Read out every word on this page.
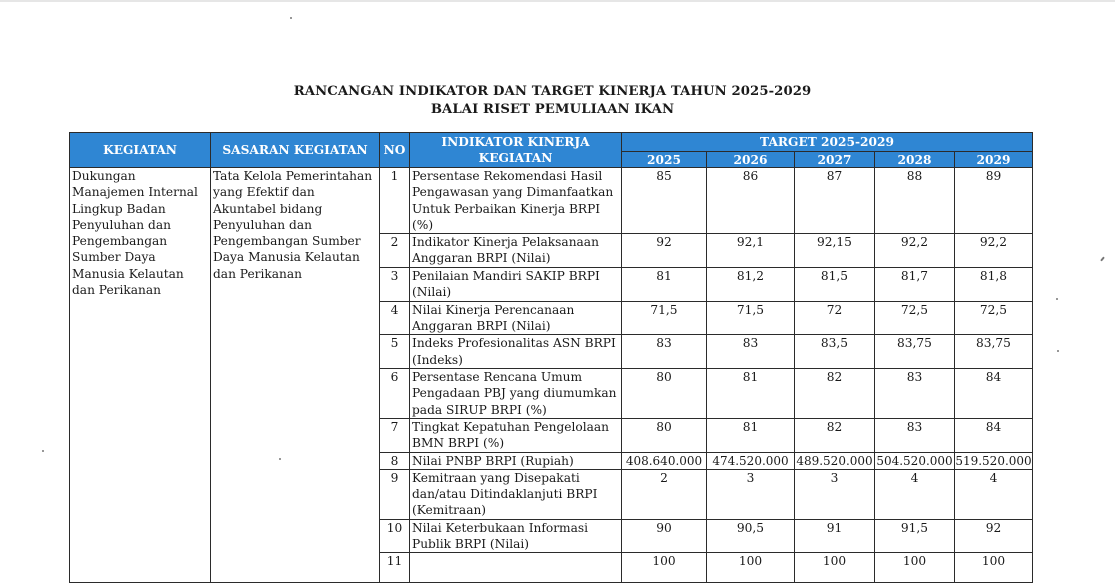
RANCANGAN INDIKATOR DAN TARGET KINERJA TAHUN 2025-2029
BALAI RISET PEMULIAAN IKAN
KEGIATAN	SASARAN KEGIATAN	NO	INDIKATOR KINERJA KEGIATAN	TARGET 2025-2029				
				2025	2026	2027	2028	2029
Dukungan Manajemen Internal Lingkup Badan Penyuluhan dan Pengembangan Sumber Daya Manusia Kelautan dan Perikanan	Tata Kelola Pemerintahan yang Efektif dan Akuntabel bidang Penyuluhan dan Pengembangan Sumber Daya Manusia Kelautan dan Perikanan	1	Persentase Rekomendasi Hasil Pengawasan yang Dimanfaatkan Untuk Perbaikan Kinerja BRPI (%)	85	86	87	88	89
		2	Indikator Kinerja Pelaksanaan Anggaran BRPI (Nilai)	92	92,1	92,15	92,2	92,2
		3	Penilaian Mandiri SAKIP BRPI (Nilai)	81	81,2	81,5	81,7	81,8
		4	Nilai Kinerja Perencanaan Anggaran BRPI (Nilai)	71,5	71,5	72	72,5	72,5
		5	Indeks Profesionalitas ASN BRPI (Indeks)	83	83	83,5	83,75	83,75
		6	Persentase Rencana Umum Pengadaan PBJ yang diumumkan pada SIRUP BRPI (%)	80	81	82	83	84
		7	Tingkat Kepatuhan Pengelolaan BMN BRPI (%)	80	81	82	83	84
		8	Nilai PNBP BRPI (Rupiah)	408.640.000	474.520.000	489.520.000	504.520.000	519.520.000
		9	Kemitraan yang Disepakati dan/atau Ditindaklanjuti BRPI (Kemitraan)	2	3	3	4	4
		10	Nilai Keterbukaan Informasi Publik BRPI (Nilai)	90	90,5	91	91,5	92
		11		100	100	100	100	100
